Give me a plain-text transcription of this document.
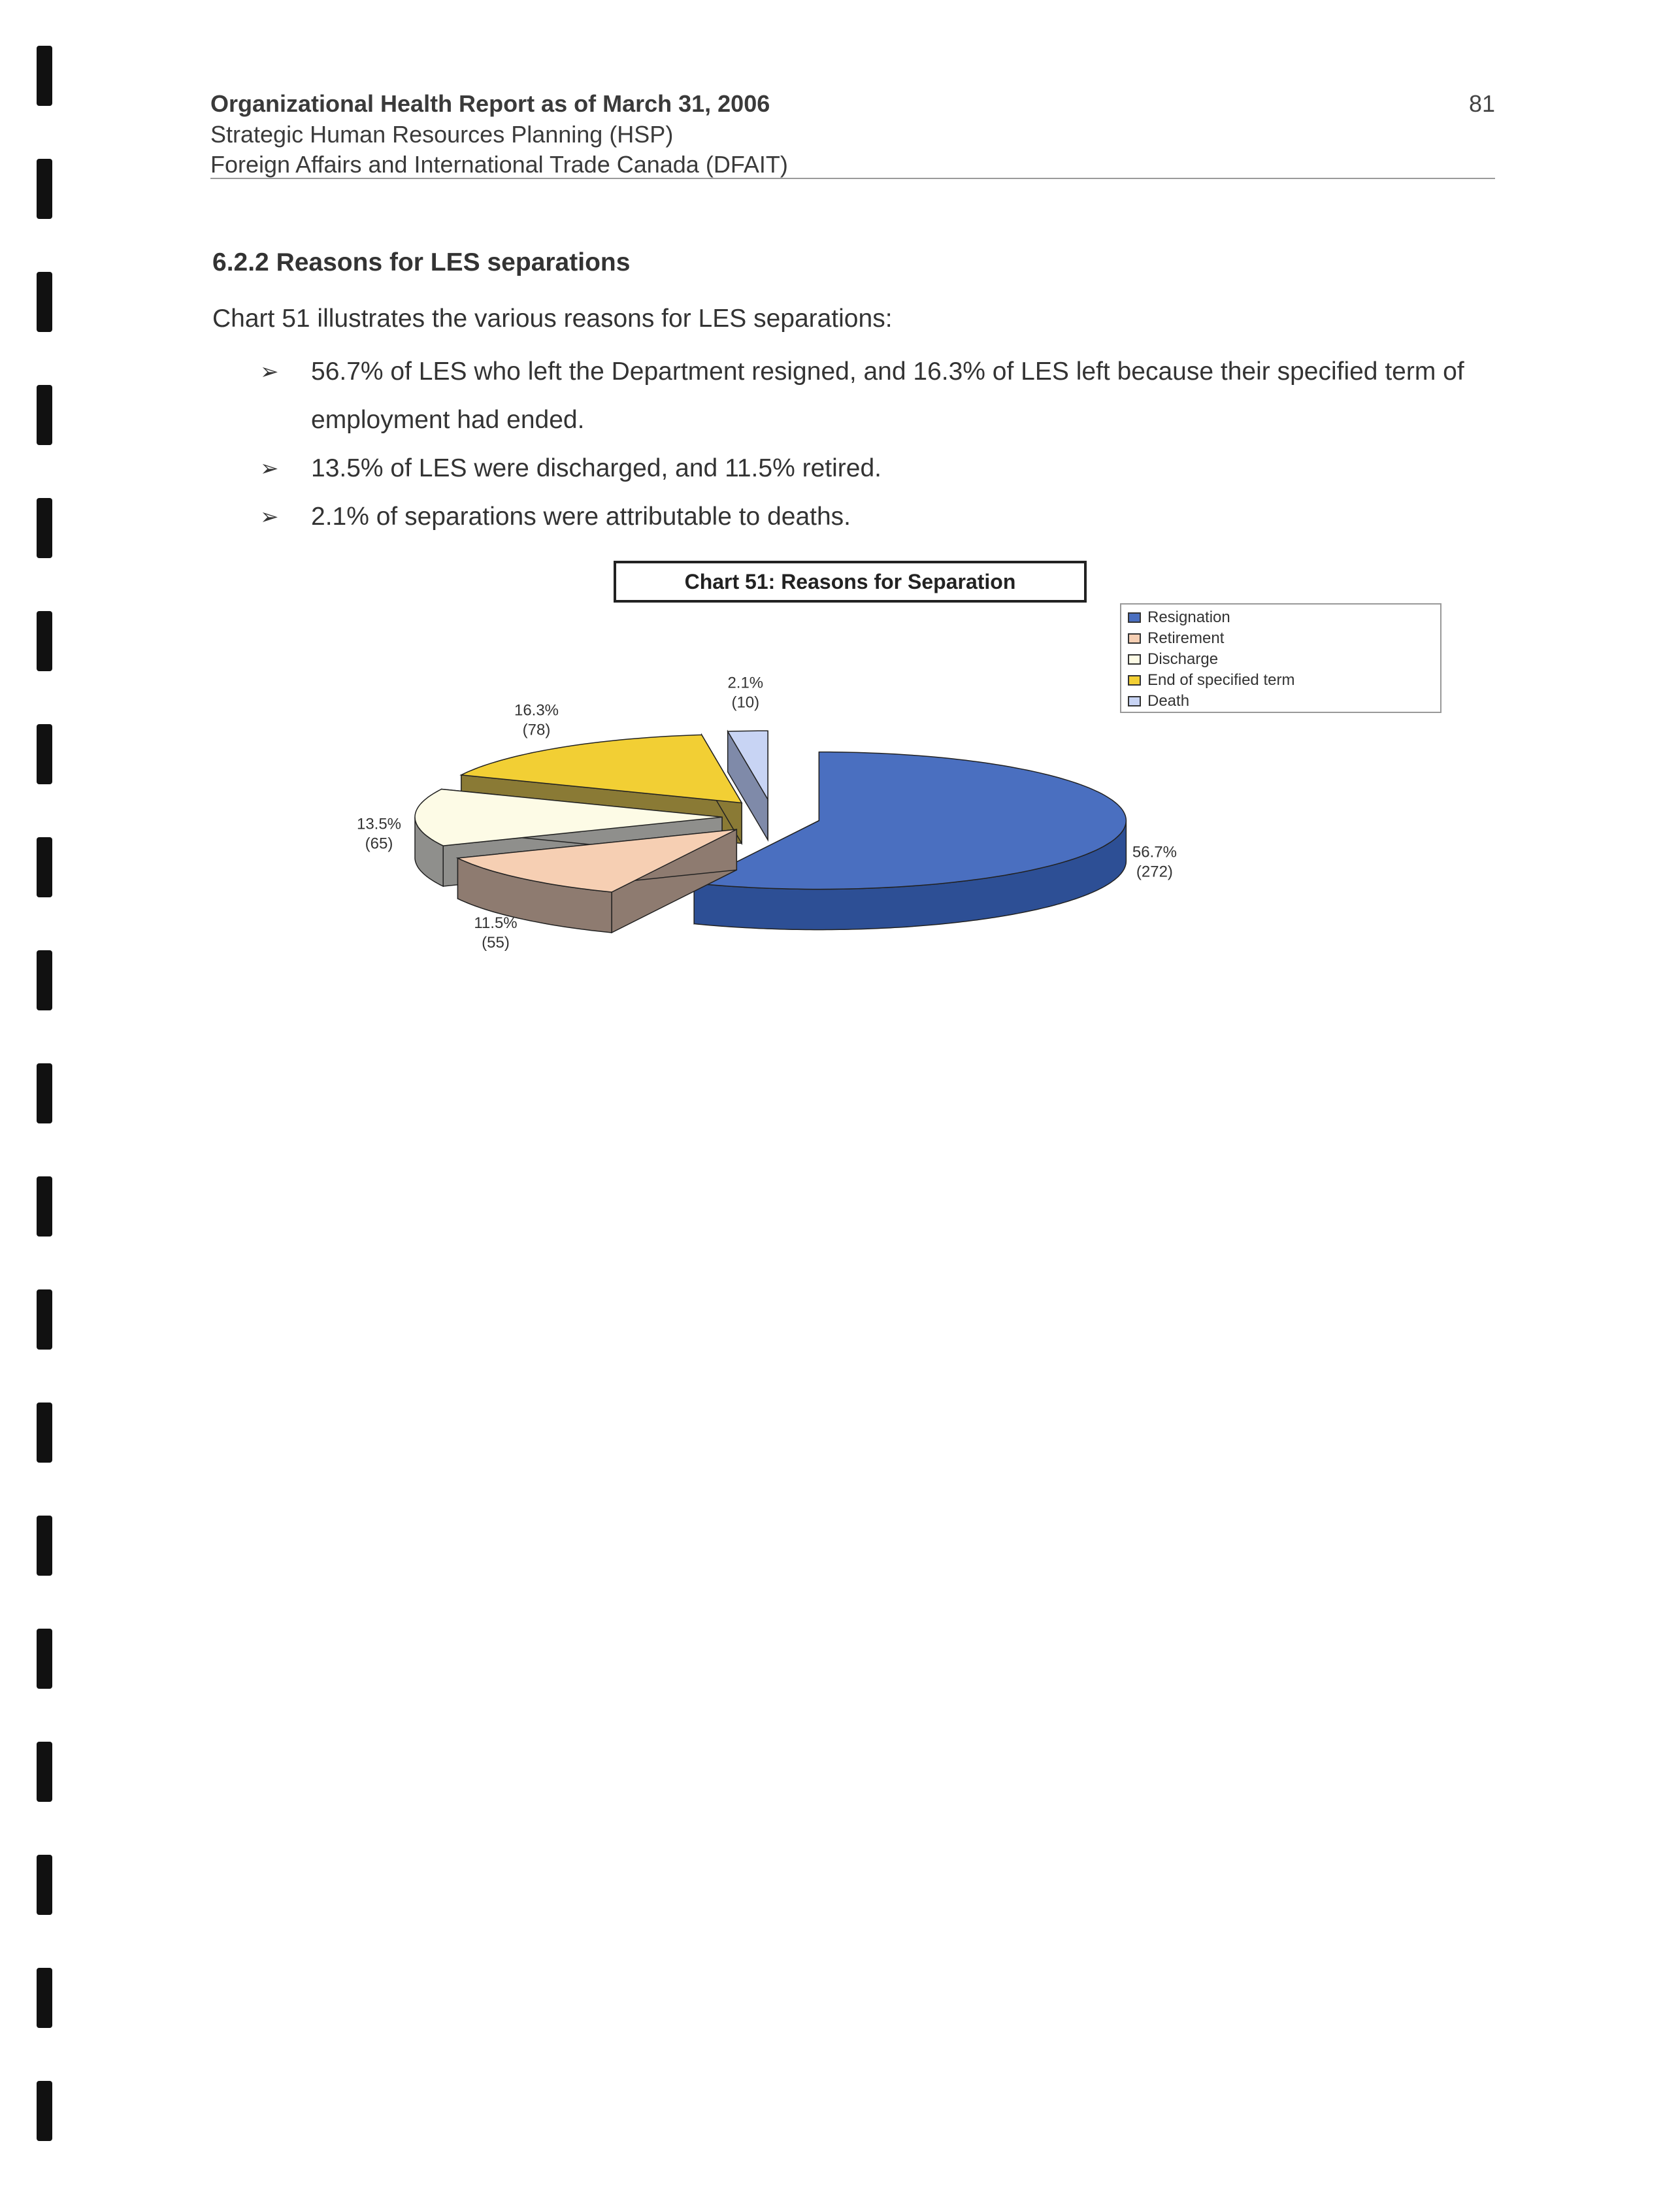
Organizational Health Report as of March 31, 2006
Strategic Human Resources Planning (HSP)
Foreign Affairs and International Trade Canada (DFAIT)
81
6.2.2 Reasons for LES separations
Chart 51 illustrates the various reasons for LES separations:
➢ 56.7% of LES who left the Department resigned, and 16.3% of LES left because their specified term of employment had ended.
➢ 13.5% of LES were discharged, and 11.5% retired.
➢ 2.1% of separations were attributable to deaths.
Chart 51: Reasons for Separation
56.7%
(272)
11.5%
(55)
13.5%
(65)
16.3%
(78)
2.1%
(10)
Resignation
Retirement
Discharge
End of specified term
Death
